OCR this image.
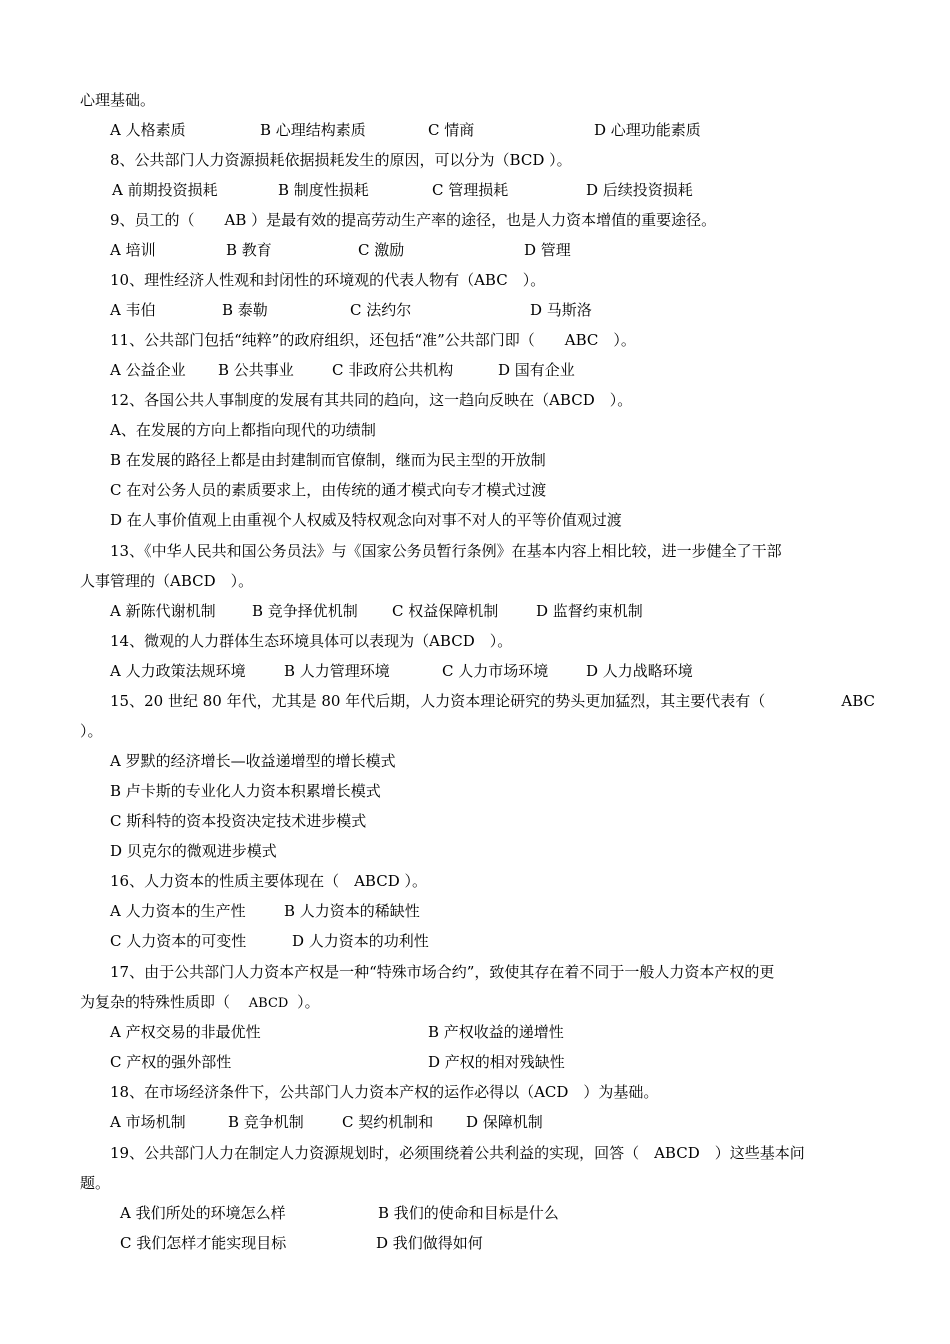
心理基础。
A 人格素质	B 心理结构素质	C 情商	D 心理功能素质
8、公共部门人力资源损耗依据损耗发生的原因，可以分为（BCD ）。
A 前期投资损耗	B 制度性损耗	C 管理损耗	D 后续投资损耗
9、员工的（　　AB ）是最有效的提高劳动生产率的途径，也是人力资本增值的重要途径。
A 培训	B 教育	C 激励	D 管理
10、理性经济人性观和封闭性的环境观的代表人物有（ABC　）。
A 韦伯	B 泰勒	C 法约尔	D 马斯洛
11、公共部门包括“纯粹”的政府组织，还包括“准”公共部门即（　　ABC　）。
A 公益企业 B 公共事业	C 非政府公共机构	D 国有企业
12、各国公共人事制度的发展有其共同的趋向，这一趋向反映在（ABCD　）。
A、在发展的方向上都指向现代的功绩制
B 在发展的路径上都是由封建制而官僚制，继而为民主型的开放制
C 在对公务人员的素质要求上，由传统的通才模式向专才模式过渡
D 在人事价值观上由重视个人权威及特权观念向对事不对人的平等价值观过渡
13、《中华人民共和国公务员法》与《国家公务员暂行条例》在基本内容上相比较，进一步健全了干部
人事管理的（ABCD　）。
A 新陈代谢机制 B 竞争择优机制 C 权益保障机制	D 监督约束机制
14、微观的人力群体生态环境具体可以表现为（ABCD　）。
A 人力政策法规环境	B 人力管理环境	C 人力市场环境	D 人力战略环境
15、20 世纪 80 年代，尤其是 80 年代后期，人力资本理论研究的势头更加猛烈，其主要代表有（	ABC
）。
A 罗默的经济增长—收益递增型的增长模式
B 卢卡斯的专业化人力资本积累增长模式
C 斯科特的资本投资决定技术进步模式
D 贝克尔的微观进步模式
16、人力资本的性质主要体现在（　ABCD ）。
A 人力资本的生产性	B 人力资本的稀缺性
C 人力资本的可变性	D 人力资本的功利性
17、由于公共部门人力资本产权是一种“特殊市场合约”，致使其存在着不同于一般人力资本产权的更
为复杂的特殊性质即（ ABCD ）。
A 产权交易的非最优性	B 产权收益的递增性
C 产权的强外部性	D 产权的相对残缺性
18、在市场经济条件下，公共部门人力资本产权的运作必得以（ACD　）为基础。
A 市场机制	B 竞争机制	C 契约机制和 D 保障机制
19、公共部门人力在制定人力资源规划时，必须围绕着公共利益的实现，回答（　ABCD　）这些基本问
题。
A 我们所处的环境怎么样	B 我们的使命和目标是什么
C 我们怎样才能实现目标	D 我们做得如何
